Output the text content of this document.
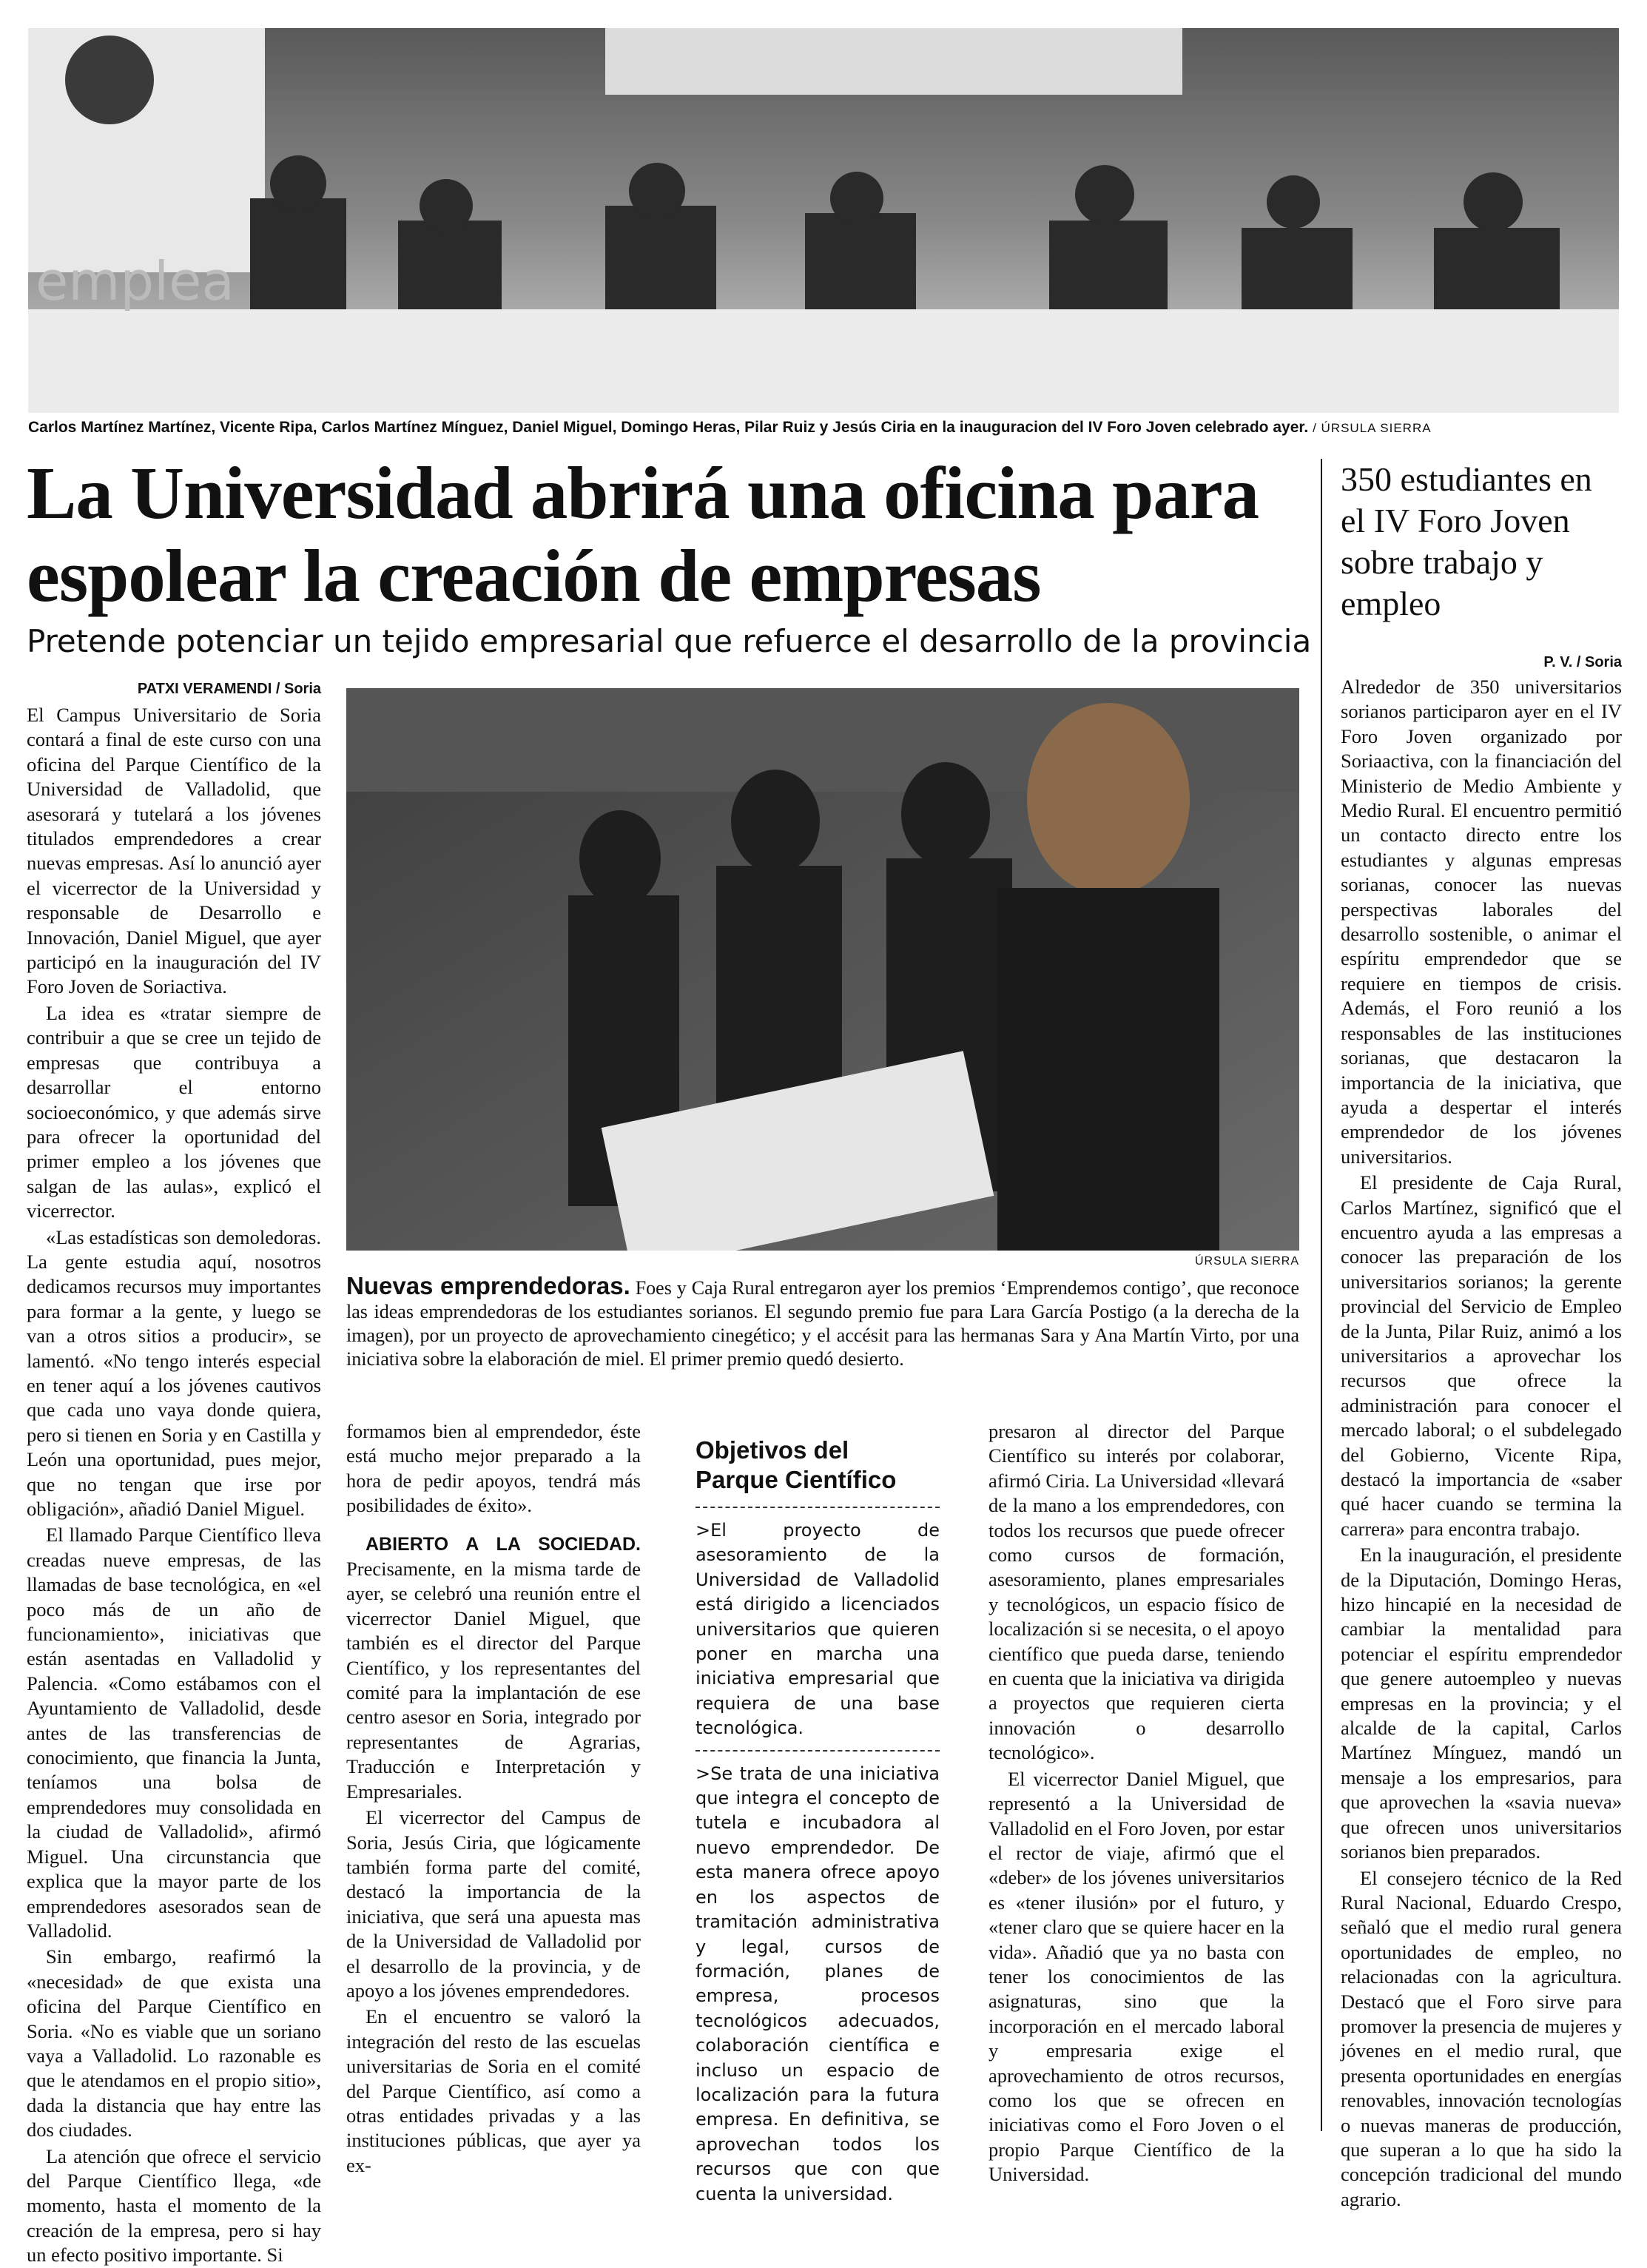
emplea
Carlos Martínez Martínez, Vicente Ripa, Carlos Martínez Mínguez, Daniel Miguel, Domingo Heras, Pilar Ruiz y Jesús Ciria en la inauguracion del IV Foro Joven celebrado ayer. / ÚRSULA SIERRA
La Universidad abrirá una oficina para
espolear la creación de empresas
Pretende potenciar un tejido empresarial que refuerce el desarrollo de la provincia
PATXI VERAMENDI / Soria

El Campus Universitario de Soria contará a final de este curso con una oficina del Parque Científico de la Universidad de Valladolid, que asesorará y tutelará a los jóvenes titulados emprendedores a crear nuevas empresas. Así lo anunció ayer el vicerrector de la Universidad y responsable de Desarrollo e Innovación, Daniel Miguel, que ayer participó en la inauguración del IV Foro Joven de Soriactiva.

La idea es «tratar siempre de contribuir a que se cree un tejido de empresas que contribuya a desarrollar el entorno socioeconómico, y que además sirve para ofrecer la oportunidad del primer empleo a los jóvenes que salgan de las aulas», explicó el vicerrector.

«Las estadísticas son demoledoras. La gente estudia aquí, nosotros dedicamos recursos muy importantes para formar a la gente, y luego se van a otros sitios a producir», se lamentó. «No tengo interés especial en tener aquí a los jóvenes cautivos que cada uno vaya donde quiera, pero si tienen en Soria y en Castilla y León una oportunidad, pues mejor, que no tengan que irse por obligación», añadió Daniel Miguel.

El llamado Parque Científico lleva creadas nueve empresas, de las llamadas de base tecnológica, en «el poco más de un año de funcionamiento», iniciativas que están asentadas en Valladolid y Palencia. «Como estábamos con el Ayuntamiento de Valladolid, desde antes de las transferencias de conocimiento, que financia la Junta, teníamos una bolsa de emprendedores muy consolidada en la ciudad de Valladolid», afirmó Miguel. Una circunstancia que explica que la mayor parte de los emprendedores asesorados sean de Valladolid.

Sin embargo, reafirmó la «necesidad» de que exista una oficina del Parque Científico en Soria. «No es viable que un soriano vaya a Valladolid. Lo razonable es que le atendamos en el propio sitio», dada la distancia que hay entre las dos ciudades.

La atención que ofrece el servicio del Parque Científico llega, «de momento, hasta el momento de la creación de la empresa, pero si hay un efecto positivo importante. Si

ÚRSULA SIERRA
Nuevas emprendedoras. Foes y Caja Rural entregaron ayer los premios ‘Emprendemos contigo’, que reconoce las ideas emprendedoras de los estudiantes sorianos. El segundo premio fue para Lara García Postigo (a la derecha de la imagen), por un proyecto de aprovechamiento cinegético; y el accésit para las hermanas Sara y Ana Martín Virto, por una iniciativa sobre la elaboración de miel. El primer premio quedó desierto.

formamos bien al emprendedor, éste está mucho mejor preparado a la hora de pedir apoyos, tendrá más posibilidades de éxito».

ABIERTO A LA SOCIEDAD. Precisamente, en la misma tarde de ayer, se celebró una reunión entre el vicerrector Daniel Miguel, que también es el director del Parque Científico, y los representantes del comité para la implantación de ese centro asesor en Soria, integrado por representantes de Agrarias, Traducción e Interpretación y Empresariales.

El vicerrector del Campus de Soria, Jesús Ciria, que lógicamente también forma parte del comité, destacó la importancia de la iniciativa, que será una apuesta mas de la Universidad de Valladolid por el desarrollo de la provincia, y de apoyo a los jóvenes emprendedores.

En el encuentro se valoró la integración del resto de las escuelas universitarias de Soria en el comité del Parque Científico, así como a otras entidades privadas y a las instituciones públicas, que ayer ya ex-

Objetivos del
Parque Científico

>El proyecto de asesoramiento de la Universidad de Valladolid está dirigido a licenciados universitarios que quieren poner en marcha una iniciativa empresarial que requiera de una base tecnológica.

>Se trata de una iniciativa que integra el concepto de tutela e incubadora al nuevo emprendedor. De esta manera ofrece apoyo en los aspectos de tramitación administrativa y legal, cursos de formación, planes de empresa, procesos tecnológicos adecuados, colaboración científica e incluso un espacio de localización para la futura empresa. En definitiva, se aprovechan todos los recursos que con que cuenta la universidad.

presaron al director del Parque Científico su interés por colaborar, afirmó Ciria. La Universidad «llevará de la mano a los emprendedores, con todos los recursos que puede ofrecer como cursos de formación, asesoramiento, planes empresariales y tecnológicos, un espacio físico de localización si se necesita, o el apoyo científico que pueda darse, teniendo en cuenta que la iniciativa va dirigida a proyectos que requieren cierta innovación o desarrollo tecnológico».

El vicerrector Daniel Miguel, que representó a la Universidad de Valladolid en el Foro Joven, por estar el rector de viaje, afirmó que el «deber» de los jóvenes universitarios es «tener ilusión» por el futuro, y «tener claro que se quiere hacer en la vida». Añadió que ya no basta con tener los conocimientos de las asignaturas, sino que la incorporación en el mercado laboral y empresaria exige el aprovechamiento de otros recursos, como los que se ofrecen en iniciativas como el Foro Joven o el propio Parque Científico de la Universidad.

350 estudiantes en el IV Foro Joven sobre trabajo y empleo
P. V. / Soria

Alrededor de 350 universitarios sorianos participaron ayer en el IV Foro Joven organizado por Soriaactiva, con la financiación del Ministerio de Medio Ambiente y Medio Rural. El encuentro permitió un contacto directo entre los estudiantes y algunas empresas sorianas, conocer las nuevas perspectivas laborales del desarrollo sostenible, o animar el espíritu emprendedor que se requiere en tiempos de crisis. Además, el Foro reunió a los responsables de las instituciones sorianas, que destacaron la importancia de la iniciativa, que ayuda a despertar el interés emprendedor de los jóvenes universitarios.

El presidente de Caja Rural, Carlos Martínez, significó que el encuentro ayuda a las empresas a conocer las preparación de los universitarios sorianos; la gerente provincial del Servicio de Empleo de la Junta, Pilar Ruiz, animó a los universitarios a aprovechar los recursos que ofrece la administración para conocer el mercado laboral; o el subdelegado del Gobierno, Vicente Ripa, destacó la importancia de «saber qué hacer cuando se termina la carrera» para encontra trabajo.

En la inauguración, el presidente de la Diputación, Domingo Heras, hizo hincapié en la necesidad de cambiar la mentalidad para potenciar el espíritu emprendedor que genere autoempleo y nuevas empresas en la provincia; y el alcalde de la capital, Carlos Martínez Mínguez, mandó un mensaje a los empresarios, para que aprovechen la «savia nueva» que ofrecen unos universitarios sorianos bien preparados.

El consejero técnico de la Red Rural Nacional, Eduardo Crespo, señaló que el medio rural genera oportunidades de empleo, no relacionadas con la agricultura. Destacó que el Foro sirve para promover la presencia de mujeres y jóvenes en el medio rural, que presenta oportunidades en energías renovables, innovación tecnologías o nuevas maneras de producción, que superan a lo que ha sido la concepción tradicional del mundo agrario.
